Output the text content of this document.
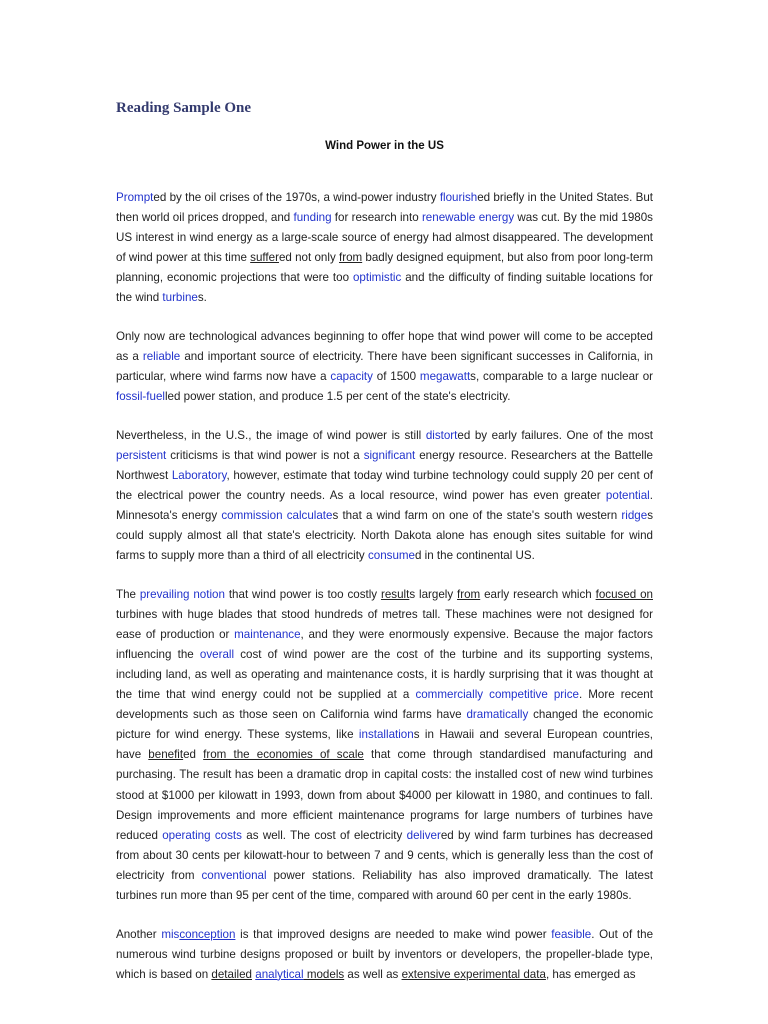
Reading Sample One
Wind Power in the US

Prompted by the oil crises of the 1970s, a wind-power industry flourished briefly in the United States. But then world oil prices dropped, and funding for research into renewable energy was cut. By the mid 1980s US interest in wind energy as a large-scale source of energy had almost disappeared. The development of wind power at this time suffered not only from badly designed equipment, but also from poor long-term planning, economic projections that were too optimistic and the difficulty of finding suitable locations for the wind turbines.

Only now are technological advances beginning to offer hope that wind power will come to be accepted as a reliable and important source of electricity. There have been significant successes in California, in particular, where wind farms now have a capacity of 1500 megawatts, comparable to a large nuclear or fossil-fuelled power station, and produce 1.5 per cent of the state's electricity.

Nevertheless, in the U.S., the image of wind power is still distorted by early failures. One of the most persistent criticisms is that wind power is not a significant energy resource. Researchers at the Battelle Northwest Laboratory, however, estimate that today wind turbine technology could supply 20 per cent of the electrical power the country needs. As a local resource, wind power has even greater potential. Minnesota's energy commission calculates that a wind farm on one of the state's south western ridges could supply almost all that state's electricity. North Dakota alone has enough sites suitable for wind farms to supply more than a third of all electricity consumed in the continental US.

The prevailing notion that wind power is too costly results largely from early research which focused on turbines with huge blades that stood hundreds of metres tall. These machines were not designed for ease of production or maintenance, and they were enormously expensive. Because the major factors influencing the overall cost of wind power are the cost of the turbine and its supporting systems, including land, as well as operating and maintenance costs, it is hardly surprising that it was thought at the time that wind energy could not be supplied at a commercially competitive price. More recent developments such as those seen on California wind farms have dramatically changed the economic picture for wind energy. These systems, like installations in Hawaii and several European countries, have benefited from the economies of scale that come through standardised manufacturing and purchasing. The result has been a dramatic drop in capital costs: the installed cost of new wind turbines stood at $1000 per kilowatt in 1993, down from about $4000 per kilowatt in 1980, and continues to fall. Design improvements and more efficient maintenance programs for large numbers of turbines have reduced operating costs as well. The cost of electricity delivered by wind farm turbines has decreased from about 30 cents per kilowatt-hour to between 7 and 9 cents, which is generally less than the cost of electricity from conventional power stations. Reliability has also improved dramatically. The latest turbines run more than 95 per cent of the time, compared with around 60 per cent in the early 1980s.

Another misconception is that improved designs are needed to make wind power feasible. Out of the numerous wind turbine designs proposed or built by inventors or developers, the propeller-blade type, which is based on detailed analytical models as well as extensive experimental data, has emerged as
